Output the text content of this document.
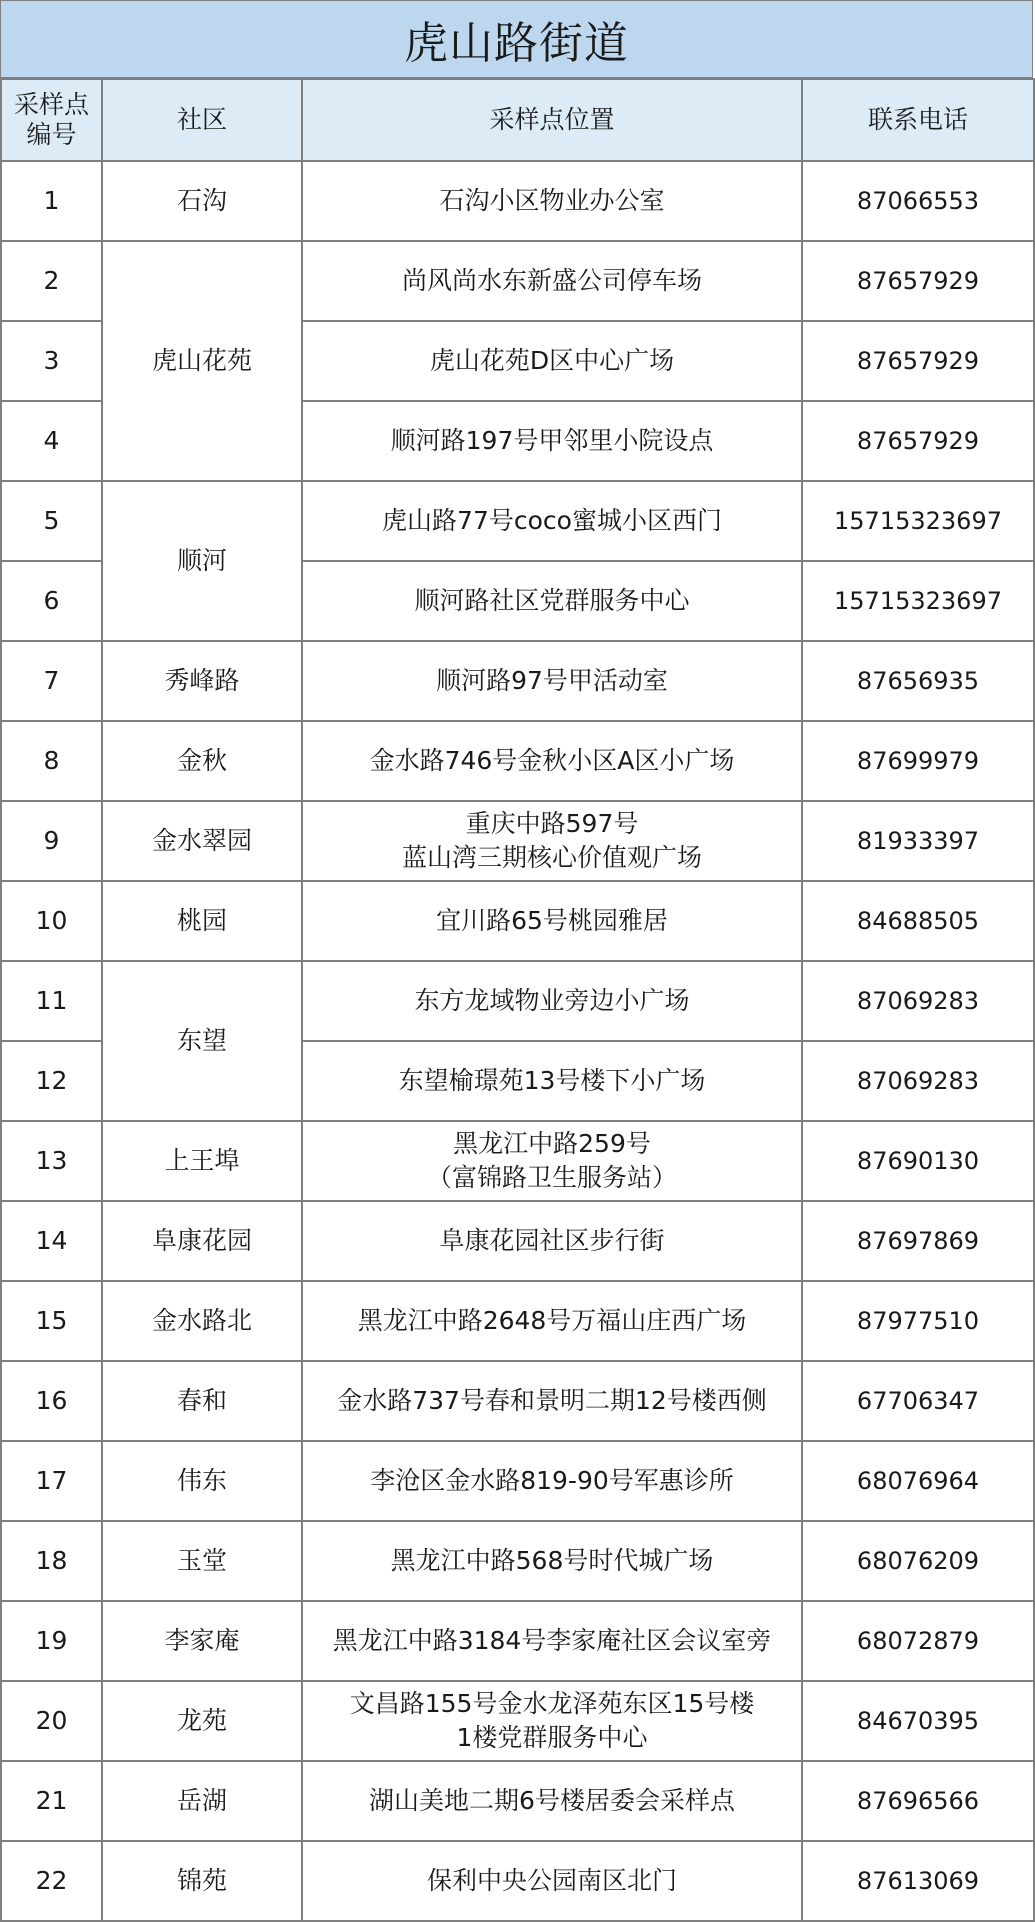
虎山路街道
采样点
编号	社区	采样点位置	联系电话
1	石沟	石沟小区物业办公室	87066553
2	虎山花苑	尚风尚水东新盛公司停车场	87657929
3		虎山花苑D区中心广场	87657929
4		顺河路197号甲邻里小院设点	87657929
5	顺河	虎山路77号coco蜜城小区西门	15715323697
6		顺河路社区党群服务中心	15715323697
7	秀峰路	顺河路97号甲活动室	87656935
8	金秋	金水路746号金秋小区A区小广场	87699979
9	金水翠园	重庆中路597号
蓝山湾三期核心价值观广场	81933397
10	桃园	宜川路65号桃园雅居	84688505
11	东望	东方龙域物业旁边小广场	87069283
12		东望榆璟苑13号楼下小广场	87069283
13	上王埠	黑龙江中路259号
（富锦路卫生服务站）	87690130
14	阜康花园	阜康花园社区步行街	87697869
15	金水路北	黑龙江中路2648号万福山庄西广场	87977510
16	春和	金水路737号春和景明二期12号楼西侧	67706347
17	伟东	李沧区金水路819-90号军惠诊所	68076964
18	玉堂	黑龙江中路568号时代城广场	68076209
19	李家庵	黑龙江中路3184号李家庵社区会议室旁	68072879
20	龙苑	文昌路155号金水龙泽苑东区15号楼
1楼党群服务中心	84670395
21	岳湖	湖山美地二期6号楼居委会采样点	87696566
22	锦苑	保利中央公园南区北门	87613069
